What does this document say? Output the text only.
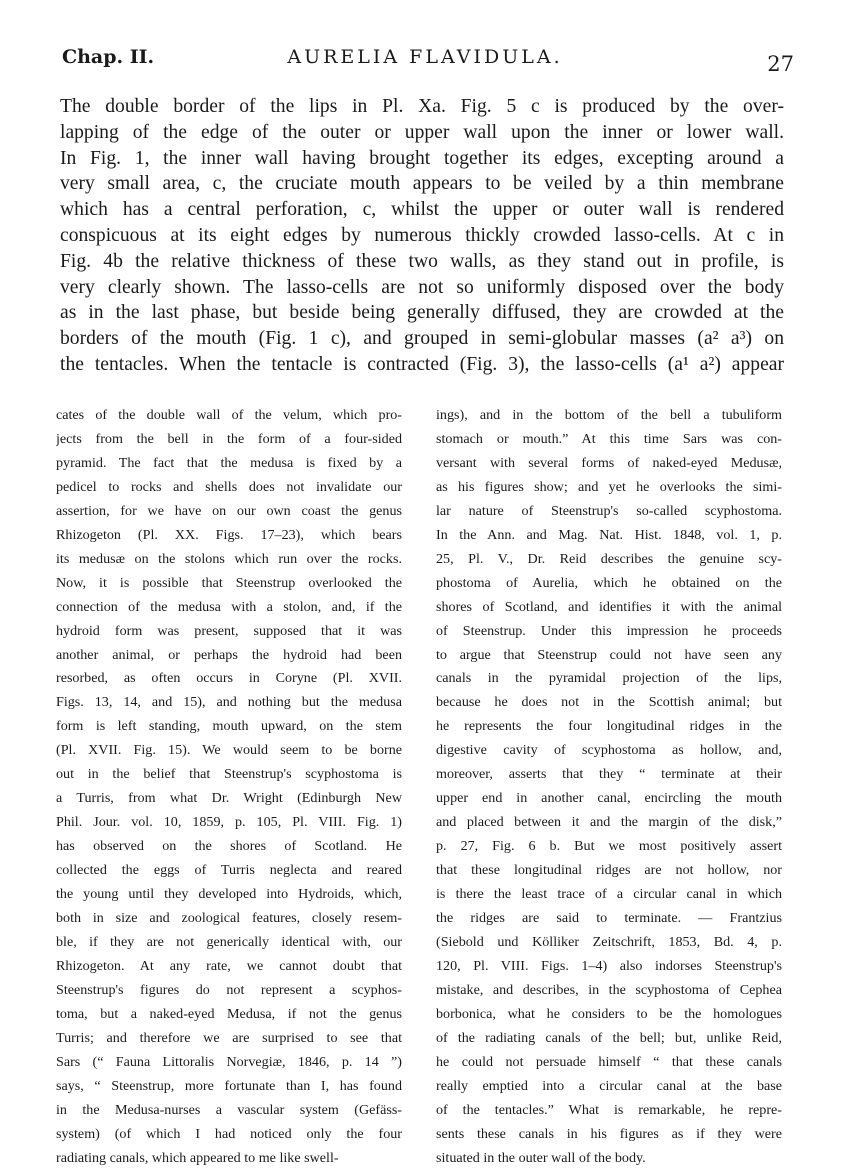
Chap. II.	AURELIA FLAVIDULA.	27
The double border of the lips in Pl. Xa. Fig. 5 c is produced by the over-
lapping of the edge of the outer or upper wall upon the inner or lower wall.
In Fig. 1, the inner wall having brought together its edges, excepting around a
very small area, c, the cruciate mouth appears to be veiled by a thin membrane
which has a central perforation, c, whilst the upper or outer wall is rendered
conspicuous at its eight edges by numerous thickly crowded lasso-cells. At c in
Fig. 4b the relative thickness of these two walls, as they stand out in profile, is
very clearly shown. The lasso-cells are not so uniformly disposed over the body
as in the last phase, but beside being generally diffused, they are crowded at the
borders of the mouth (Fig. 1 c), and grouped in semi-globular masses (a² a³) on
the tentacles. When the tentacle is contracted (Fig. 3), the lasso-cells (a¹ a²) appear
cates of the double wall of the velum, which pro-
jects from the bell in the form of a four-sided
pyramid. The fact that the medusa is fixed by a
pedicel to rocks and shells does not invalidate our
assertion, for we have on our own coast the genus
Rhizogeton (Pl. XX. Figs. 17–23), which bears
its medusæ on the stolons which run over the rocks.
Now, it is possible that Steenstrup overlooked the
connection of the medusa with a stolon, and, if the
hydroid form was present, supposed that it was
another animal, or perhaps the hydroid had been
resorbed, as often occurs in Coryne (Pl. XVII.
Figs. 13, 14, and 15), and nothing but the medusa
form is left standing, mouth upward, on the stem
(Pl. XVII. Fig. 15). We would seem to be borne
out in the belief that Steenstrup's scyphostoma is
a Turris, from what Dr. Wright (Edinburgh New
Phil. Jour. vol. 10, 1859, p. 105, Pl. VIII. Fig. 1)
has observed on the shores of Scotland. He
collected the eggs of Turris neglecta and reared
the young until they developed into Hydroids, which,
both in size and zoological features, closely resem-
ble, if they are not generically identical with, our
Rhizogeton. At any rate, we cannot doubt that
Steenstrup's figures do not represent a scyphos-
toma, but a naked-eyed Medusa, if not the genus
Turris; and therefore we are surprised to see that
Sars (“ Fauna Littoralis Norvegiæ, 1846, p. 14 ”)
says, “ Steenstrup, more fortunate than I, has found
in the Medusa-nurses a vascular system (Gefäss-
system) (of which I had noticed only the four
radiating canals, which appeared to me like swell-
ings), and in the bottom of the bell a tubuliform
stomach or mouth.” At this time Sars was con-
versant with several forms of naked-eyed Medusæ,
as his figures show; and yet he overlooks the simi-
lar nature of Steenstrup's so-called scyphostoma.
In the Ann. and Mag. Nat. Hist. 1848, vol. 1, p.
25, Pl. V., Dr. Reid describes the genuine scy-
phostoma of Aurelia, which he obtained on the
shores of Scotland, and identifies it with the animal
of Steenstrup. Under this impression he proceeds
to argue that Steenstrup could not have seen any
canals in the pyramidal projection of the lips,
because he does not in the Scottish animal; but
he represents the four longitudinal ridges in the
digestive cavity of scyphostoma as hollow, and,
moreover, asserts that they “ terminate at their
upper end in another canal, encircling the mouth
and placed between it and the margin of the disk,”
p. 27, Fig. 6 b. But we most positively assert
that these longitudinal ridges are not hollow, nor
is there the least trace of a circular canal in which
the ridges are said to terminate. — Frantzius
(Siebold und Kölliker Zeitschrift, 1853, Bd. 4, p.
120, Pl. VIII. Figs. 1–4) also indorses Steenstrup's
mistake, and describes, in the scyphostoma of Cephea
borbonica, what he considers to be the homologues
of the radiating canals of the bell; but, unlike Reid,
he could not persuade himself “ that these canals
really emptied into a circular canal at the base
of the tentacles.” What is remarkable, he repre-
sents these canals in his figures as if they were
situated in the outer wall of the body.
